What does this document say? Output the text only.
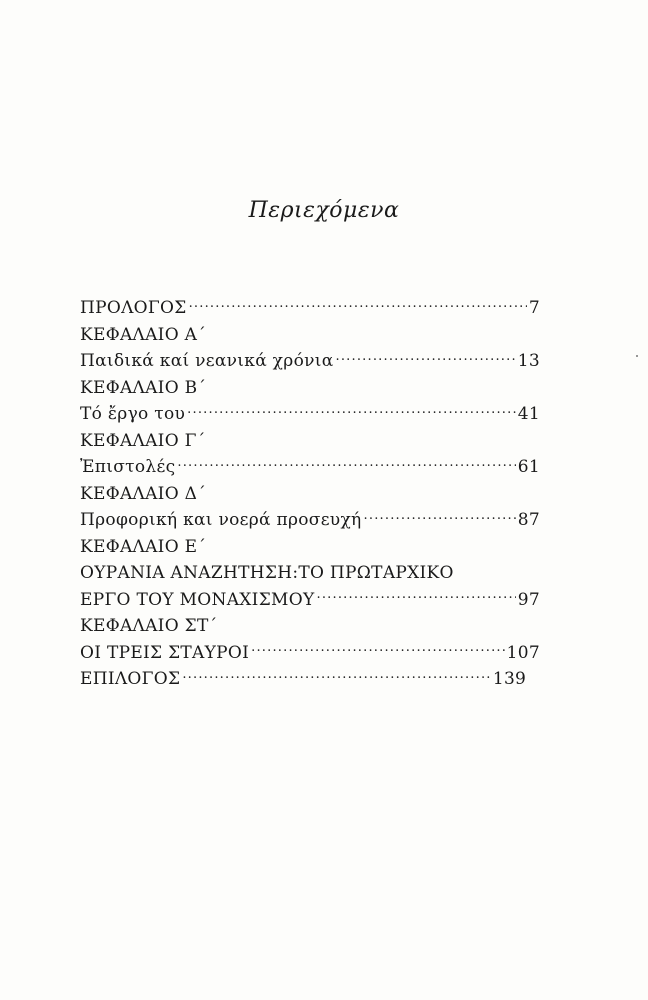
Περιεχόμενα
ΠΡΟΛΟΓΟΣ .....	7
ΚΕΦΑΛΑΙΟ Α΄
Παιδικά καί νεανικά χρόνια .....	13
ΚΕΦΑΛΑΙΟ Β΄
Τό ἔργο του .....	41
ΚΕΦΑΛΑΙΟ Γ΄
Ἐπιστολές .....	61
ΚΕΦΑΛΑΙΟ Δ΄
Προφορική και νοερά προσευχή .....	87
ΚΕΦΑΛΑΙΟ Ε΄
ΟΥΡΑΝΙΑ ΑΝΑΖΗΤΗΣΗ:ΤΟ ΠΡΩΤΑΡΧΙΚΟ
ΕΡΓΟ ΤΟΥ ΜΟΝΑΧΙΣΜΟΥ .....	97
ΚΕΦΑΛΑΙΟ ΣΤ΄
ΟΙ ΤΡΕΙΣ ΣΤΑΥΡΟΙ .....	107
ΕΠΙΛΟΓΟΣ .....	139
